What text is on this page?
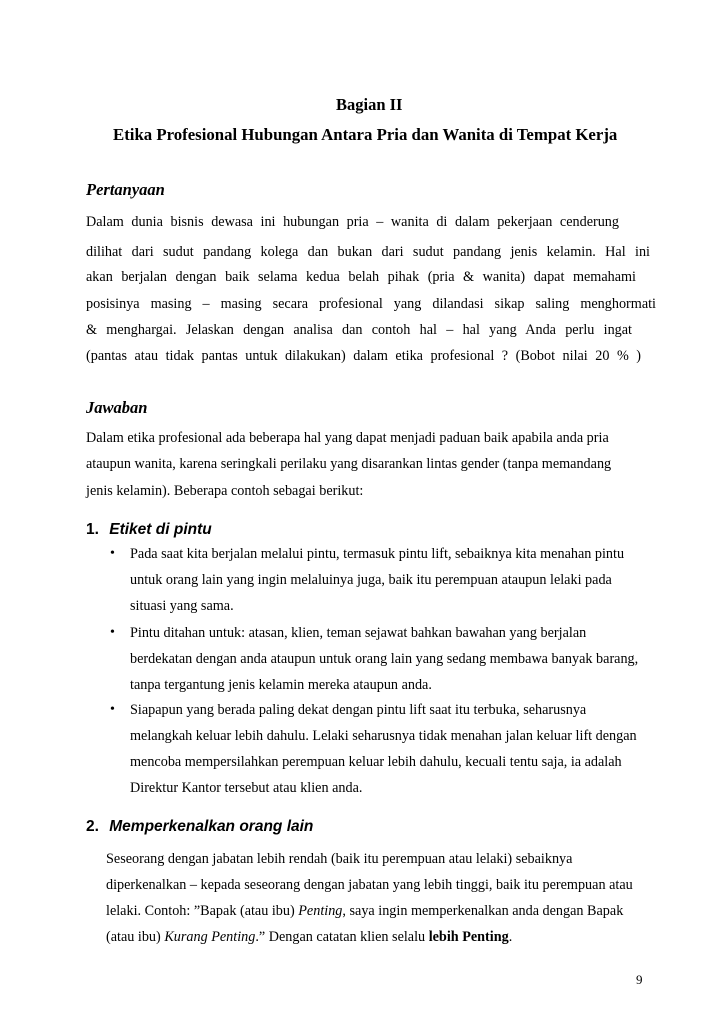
Bagian II
Etika Profesional Hubungan Antara Pria dan Wanita di Tempat Kerja
Pertanyaan
Dalam dunia bisnis dewasa ini hubungan pria – wanita di dalam pekerjaan cenderung
dilihat dari sudut pandang kolega dan bukan dari sudut pandang jenis kelamin. Hal ini
akan berjalan dengan baik selama kedua belah pihak (pria & wanita) dapat memahami
posisinya masing – masing secara profesional yang dilandasi sikap saling menghormati
& menghargai. Jelaskan dengan analisa dan contoh hal – hal yang Anda perlu ingat
(pantas atau tidak pantas untuk dilakukan) dalam etika profesional ? (Bobot nilai 20 % )
Jawaban
Dalam etika profesional ada beberapa hal yang dapat menjadi paduan baik apabila anda pria
ataupun wanita, karena seringkali perilaku yang disarankan lintas gender (tanpa memandang
jenis kelamin). Beberapa contoh sebagai berikut:
1. Etiket di pintu
• Pada saat kita berjalan melalui pintu, termasuk pintu lift, sebaiknya kita menahan pintu
untuk orang lain yang ingin melaluinya juga, baik itu perempuan ataupun lelaki pada
situasi yang sama.
• Pintu ditahan untuk: atasan, klien, teman sejawat bahkan bawahan yang berjalan
berdekatan dengan anda ataupun untuk orang lain yang sedang membawa banyak barang,
tanpa tergantung jenis kelamin mereka ataupun anda.
• Siapapun yang berada paling dekat dengan pintu lift saat itu terbuka, seharusnya
melangkah keluar lebih dahulu. Lelaki seharusnya tidak menahan jalan keluar lift dengan
mencoba mempersilahkan perempuan keluar lebih dahulu, kecuali tentu saja, ia adalah
Direktur Kantor tersebut atau klien anda.
2. Memperkenalkan orang lain
Seseorang dengan jabatan lebih rendah (baik itu perempuan atau lelaki) sebaiknya
diperkenalkan – kepada seseorang dengan jabatan yang lebih tinggi, baik itu perempuan atau
lelaki. Contoh: ”Bapak (atau ibu) Penting, saya ingin memperkenalkan anda dengan Bapak
(atau ibu) Kurang Penting.” Dengan catatan klien selalu lebih Penting.
9
